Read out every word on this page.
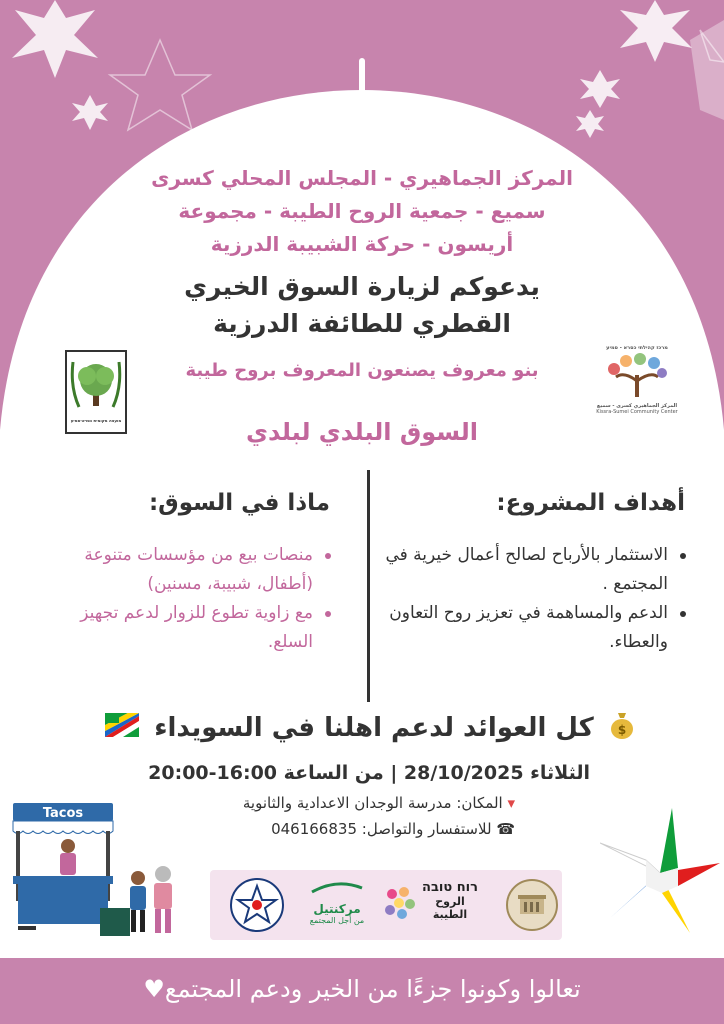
المركز الجماهيري - المجلس المحلي كسرى
سميع - جمعية الروح الطيبة - مجموعة
أريسون - حركة الشبيبة الدرزية
يدعوكم لزيارة السوق الخيري
القطري للطائفة الدرزية
מועצה מקומית כסרא-סמיע
מרכז קהילתי כסרא - סמיע
المركز الجماهيري كسرى - سميع
Kissra-Sumei Community Center
بنو معروف يصنعون المعروف بروح طيبة
السوق البلدي لبلدي
أهداف المشروع:
الاستثمار بالأرباح لصالح أعمال خيرية في المجتمع .
الدعم والمساهمة في تعزيز روح التعاون والعطاء.
ماذا في السوق:
منصات بيع من مؤسسات متنوعة (أطفال، شبيبة، مسنين)
مع زاوية تطوع للزوار لدعم تجهيز السلع.
$
كل العوائد لدعم اهلنا في السويداء
الثلاثاء 28/10/2025 | من الساعة 16:00-20:00
▾ المكان: مدرسة الوجدان الاعدادية والثانوية
☎ للاستفسار والتواصل: 046166835
Tacos
רוח טובה
الروح الطيبة
مركنتيل
من أجل المجتمع
تعالوا وكونوا جزءًا من الخير ودعم المجتمع♥
